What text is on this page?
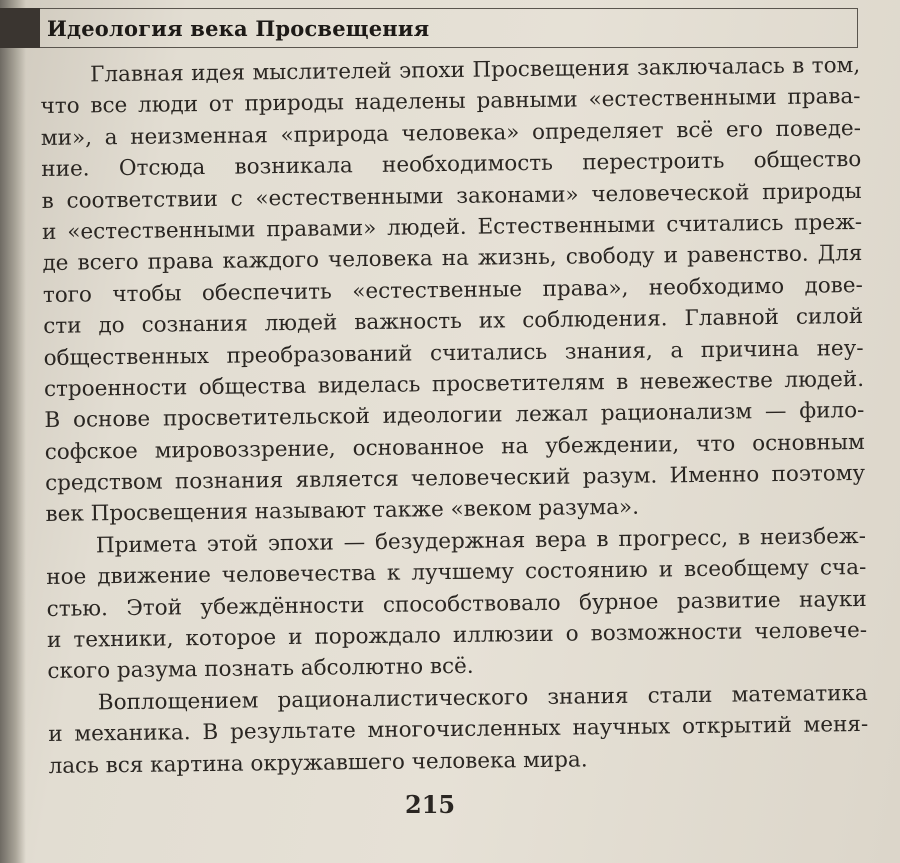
Идеология века Просвещения
Главная идея мыслителей эпохи Просвещения заключалась в том,
что все люди от природы наделены равными «естественными права-
ми», а неизменная «природа человека» определяет всё его поведе-
ние. Отсюда возникала необходимость перестроить общество
в соответствии с «естественными законами» человеческой природы
и «естественными правами» людей. Естественными считались преж-
де всего права каждого человека на жизнь, свободу и равенство. Для
того чтобы обеспечить «естественные права», необходимо дове-
сти до сознания людей важность их соблюдения. Главной силой
общественных преобразований считались знания, а причина неу-
строенности общества виделась просветителям в невежестве людей.
В основе просветительской идеологии лежал рационализм — фило-
софское мировоззрение, основанное на убеждении, что основным
средством познания является человеческий разум. Именно поэтому
век Просвещения называют также «веком разума».
Примета этой эпохи — безудержная вера в прогресс, в неизбеж-
ное движение человечества к лучшему состоянию и всеобщему сча-
стью. Этой убеждённости способствовало бурное развитие науки
и техники, которое и порождало иллюзии о возможности человече-
ского разума познать абсолютно всё.
Воплощением рационалистического знания стали математика
и механика. В результате многочисленных научных открытий меня-
лась вся картина окружавшего человека мира.
215
